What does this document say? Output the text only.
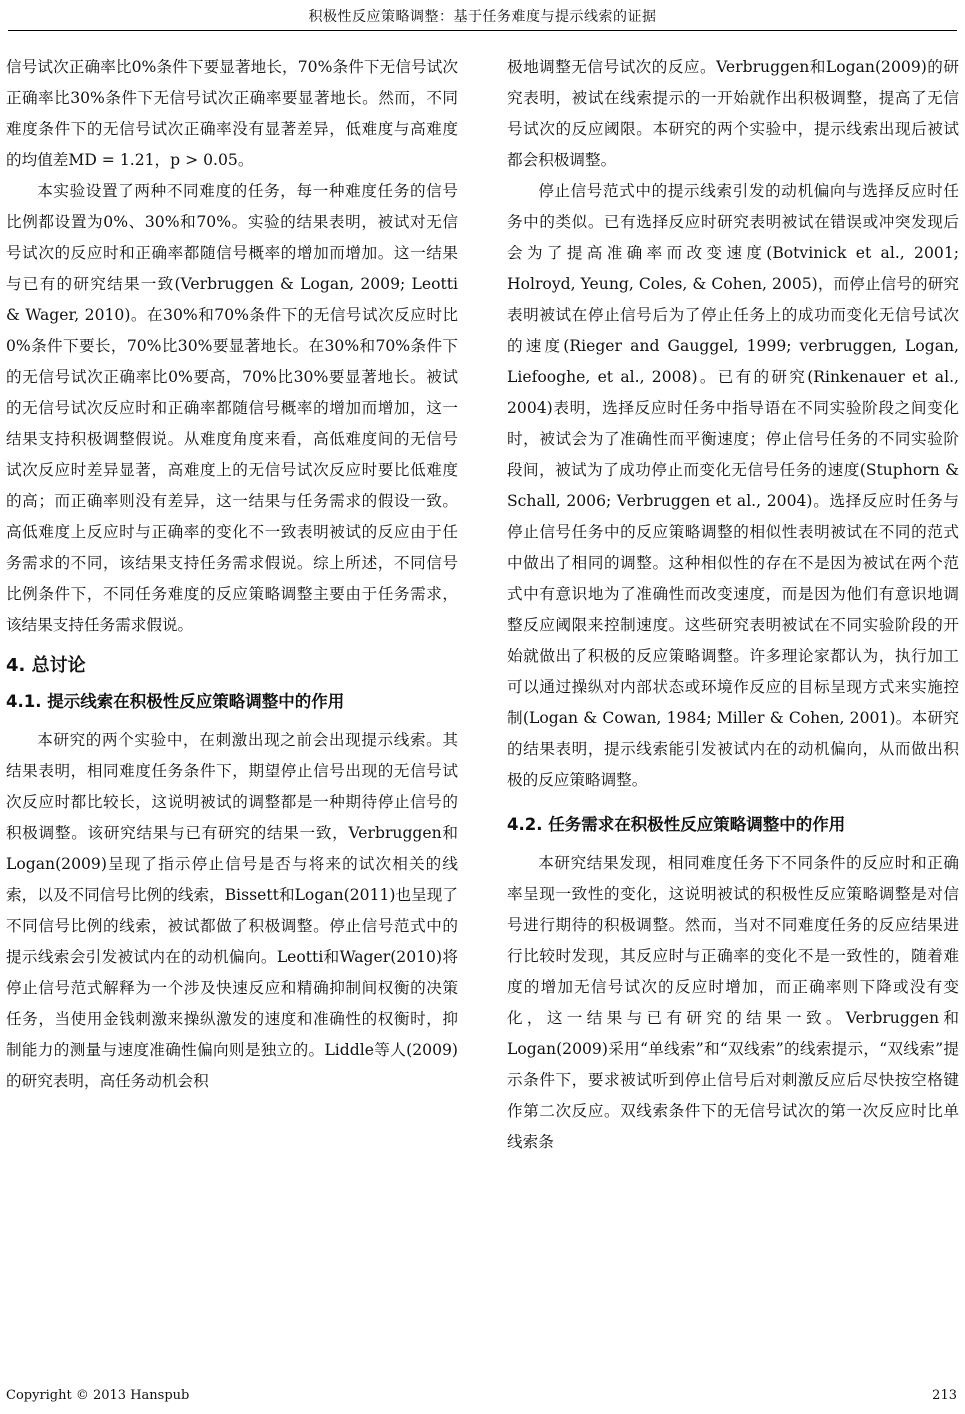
积极性反应策略调整：基于任务难度与提示线索的证据

信号试次正确率比0%条件下要显著地长，70%条件下无信号试次正确率比30%条件下无信号试次正确率要显著地长。然而，不同难度条件下的无信号试次正确率没有显著差异，低难度与高难度的均值差MD = 1.21，p > 0.05。

本实验设置了两种不同难度的任务，每一种难度任务的信号比例都设置为0%、30%和70%。实验的结果表明，被试对无信号试次的反应时和正确率都随信号概率的增加而增加。这一结果与已有的研究结果一致(Verbruggen & Logan, 2009; Leotti & Wager, 2010)。在30%和70%条件下的无信号试次反应时比0%条件下要长，70%比30%要显著地长。在30%和70%条件下的无信号试次正确率比0%要高，70%比30%要显著地长。被试的无信号试次反应时和正确率都随信号概率的增加而增加，这一结果支持积极调整假说。从难度角度来看，高低难度间的无信号试次反应时差异显著，高难度上的无信号试次反应时要比低难度的高；而正确率则没有差异，这一结果与任务需求的假设一致。高低难度上反应时与正确率的变化不一致表明被试的反应由于任务需求的不同，该结果支持任务需求假说。综上所述，不同信号比例条件下，不同任务难度的反应策略调整主要由于任务需求，该结果支持任务需求假说。

4. 总讨论
4.1. 提示线索在积极性反应策略调整中的作用

本研究的两个实验中，在刺激出现之前会出现提示线索。其结果表明，相同难度任务条件下，期望停止信号出现的无信号试次反应时都比较长，这说明被试的调整都是一种期待停止信号的积极调整。该研究结果与已有研究的结果一致，Verbruggen和Logan(2009)呈现了指示停止信号是否与将来的试次相关的线索，以及不同信号比例的线索，Bissett和Logan(2011)也呈现了不同信号比例的线索，被试都做了积极调整。停止信号范式中的提示线索会引发被试内在的动机偏向。Leotti和Wager(2010)将停止信号范式解释为一个涉及快速反应和精确抑制间权衡的决策任务，当使用金钱刺激来操纵激发的速度和准确性的权衡时，抑制能力的测量与速度准确性偏向则是独立的。Liddle等人(2009)的研究表明，高任务动机会积

极地调整无信号试次的反应。Verbruggen和Logan(2009)的研究表明，被试在线索提示的一开始就作出积极调整，提高了无信号试次的反应阈限。本研究的两个实验中，提示线索出现后被试都会积极调整。

停止信号范式中的提示线索引发的动机偏向与选择反应时任务中的类似。已有选择反应时研究表明被试在错误或冲突发现后会为了提高准确率而改变速度(Botvinick et al., 2001; Holroyd, Yeung, Coles, & Cohen, 2005)，而停止信号的研究表明被试在停止信号后为了停止任务上的成功而变化无信号试次的速度(Rieger and Gauggel, 1999; verbruggen, Logan, Liefooghe, et al., 2008)。已有的研究(Rinkenauer et al., 2004)表明，选择反应时任务中指导语在不同实验阶段之间变化时，被试会为了准确性而平衡速度；停止信号任务的不同实验阶段间，被试为了成功停止而变化无信号任务的速度(Stuphorn & Schall, 2006; Verbruggen et al., 2004)。选择反应时任务与停止信号任务中的反应策略调整的相似性表明被试在不同的范式中做出了相同的调整。这种相似性的存在不是因为被试在两个范式中有意识地为了准确性而改变速度，而是因为他们有意识地调整反应阈限来控制速度。这些研究表明被试在不同实验阶段的开始就做出了积极的反应策略调整。许多理论家都认为，执行加工可以通过操纵对内部状态或环境作反应的目标呈现方式来实施控制(Logan & Cowan, 1984; Miller & Cohen, 2001)。本研究的结果表明，提示线索能引发被试内在的动机偏向，从而做出积极的反应策略调整。

4.2. 任务需求在积极性反应策略调整中的作用

本研究结果发现，相同难度任务下不同条件的反应时和正确率呈现一致性的变化，这说明被试的积极性反应策略调整是对信号进行期待的积极调整。然而，当对不同难度任务的反应结果进行比较时发现，其反应时与正确率的变化不是一致性的，随着难度的增加无信号试次的反应时增加，而正确率则下降或没有变化，这一结果与已有研究的结果一致。Verbruggen和Logan(2009)采用“单线索”和“双线索”的线索提示，“双线索”提示条件下，要求被试听到停止信号后对刺激反应后尽快按空格键作第二次反应。双线索条件下的无信号试次的第一次反应时比单线索条

Copyright © 2013 Hanspub	213
